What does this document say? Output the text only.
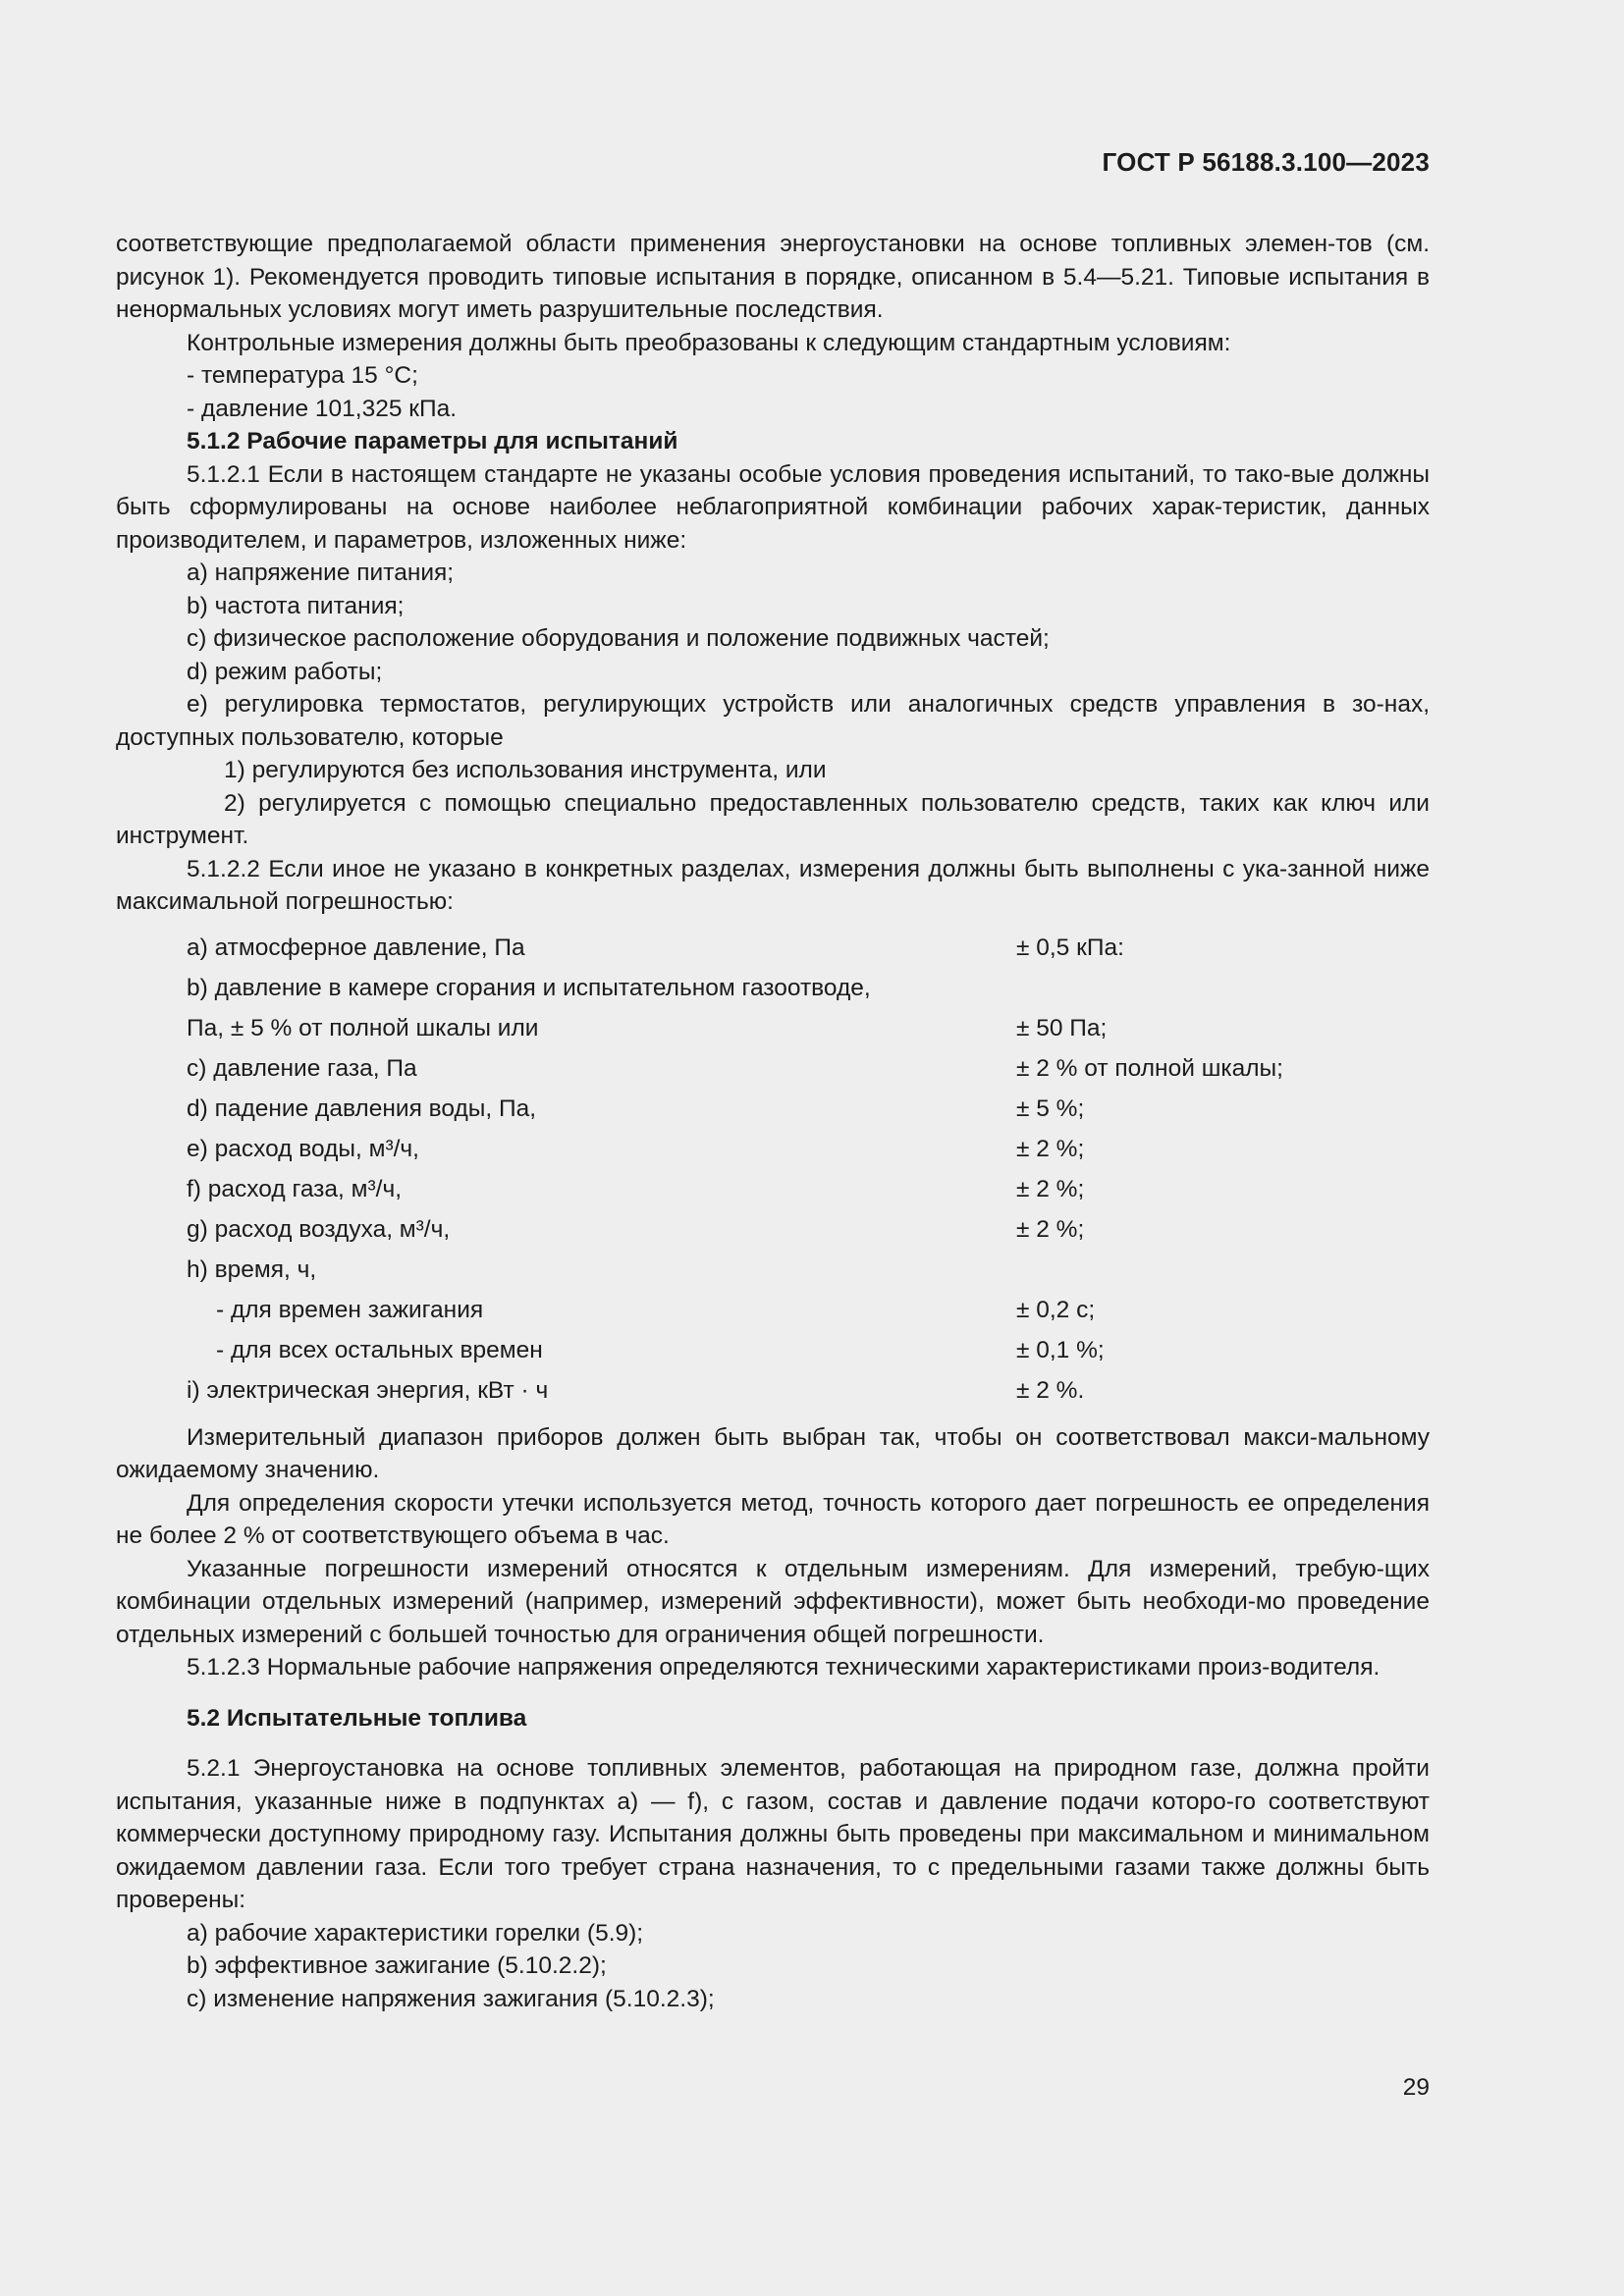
ГОСТ Р 56188.3.100—2023

соответствующие предполагаемой области применения энергоустановки на основе топливных элемен-тов (см. рисунок 1). Рекомендуется проводить типовые испытания в порядке, описанном в 5.4—5.21. Типовые испытания в ненормальных условиях могут иметь разрушительные последствия.

Контрольные измерения должны быть преобразованы к следующим стандартным условиям:

- температура 15 °С;

- давление 101,325 кПа.

5.1.2 Рабочие параметры для испытаний

5.1.2.1 Если в настоящем стандарте не указаны особые условия проведения испытаний, то тако-вые должны быть сформулированы на основе наиболее неблагоприятной комбинации рабочих харак-теристик, данных производителем, и параметров, изложенных ниже:

a) напряжение питания;

b) частота питания;

c) физическое расположение оборудования и положение подвижных частей;

d) режим работы;

e) регулировка термостатов, регулирующих устройств или аналогичных средств управления в зо-нах, доступных пользователю, которые

1) регулируются без использования инструмента, или

2) регулируется с помощью специально предоставленных пользователю средств, таких как ключ или инструмент.

5.1.2.2 Если иное не указано в конкретных разделах, измерения должны быть выполнены с ука-занной ниже максимальной погрешностью:

a) атмосферное давление, Па	± 0,5 кПа:
b) давление в камере сгорания и испытательном газоотводе,
Па, ± 5 % от полной шкалы или	± 50 Па;
c) давление газа, Па	± 2 % от полной шкалы;
d) падение давления воды, Па,	± 5 %;
e) расход воды, м³/ч,	± 2 %;
f) расход газа, м³/ч,	± 2 %;
g) расход воздуха, м³/ч,	± 2 %;
h) время, ч,
- для времен зажигания	± 0,2 с;
- для всех остальных времен	± 0,1 %;
i) электрическая энергия, кВт · ч	± 2 %.

Измерительный диапазон приборов должен быть выбран так, чтобы он соответствовал макси-мальному ожидаемому значению.

Для определения скорости утечки используется метод, точность которого дает погрешность ее определения не более 2 % от соответствующего объема в час.

Указанные погрешности измерений относятся к отдельным измерениям. Для измерений, требую-щих комбинации отдельных измерений (например, измерений эффективности), может быть необходи-мо проведение отдельных измерений с большей точностью для ограничения общей погрешности.

5.1.2.3 Нормальные рабочие напряжения определяются техническими характеристиками произ-водителя.

5.2 Испытательные топлива

5.2.1 Энергоустановка на основе топливных элементов, работающая на природном газе, должна пройти испытания, указанные ниже в подпунктах а) — f), с газом, состав и давление подачи которо-го соответствуют коммерчески доступному природному газу. Испытания должны быть проведены при максимальном и минимальном ожидаемом давлении газа. Если того требует страна назначения, то с предельными газами также должны быть проверены:

a) рабочие характеристики горелки (5.9);

b) эффективное зажигание (5.10.2.2);

c) изменение напряжения зажигания (5.10.2.3);

29
